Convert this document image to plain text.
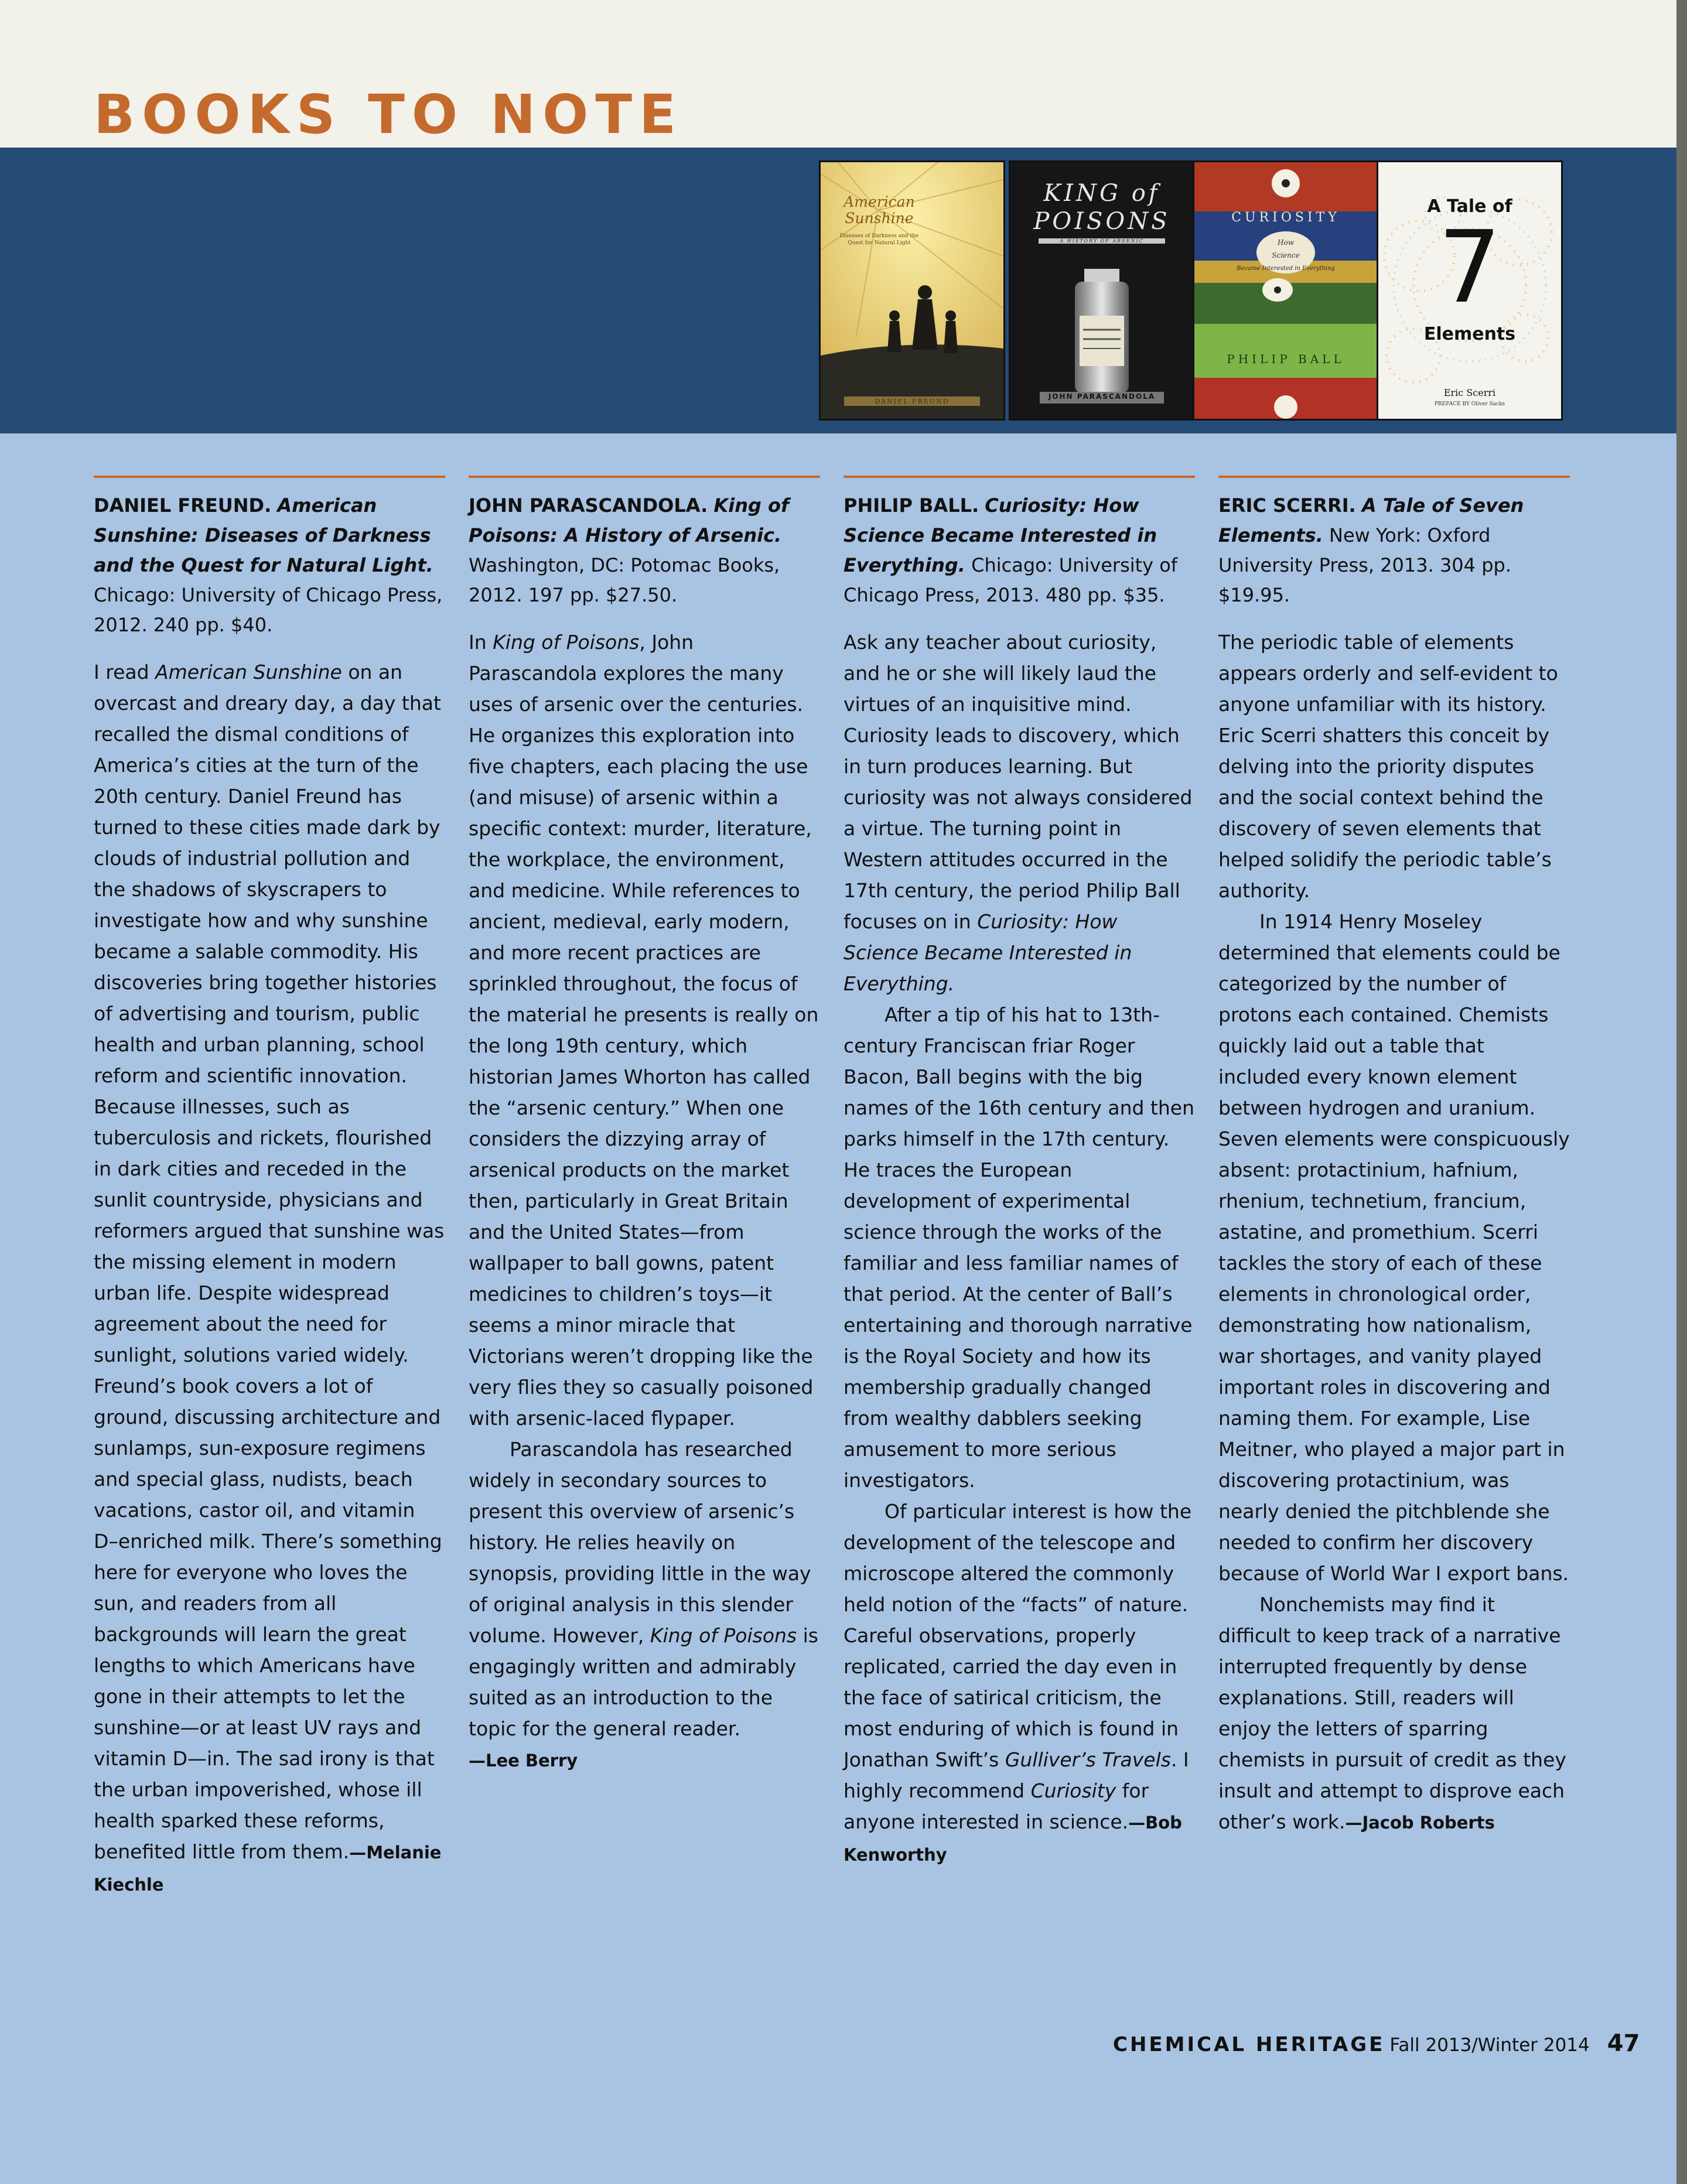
BOOKS TO NOTE
American Sunshine
Diseases of Darkness and the Quest for Natural Light
DANIEL FREUND
KING of
POISONS
A HISTORY OF ARSENIC
JOHN PARASCANDOLA
CURIOSITY
How
Science
Became Interested in Everything
PHILIP BALL
A Tale of
7
Elements
Eric Scerri
PREFACE BY Oliver Sacks

DANIEL FREUND. American Sunshine: Diseases of Darkness and the Quest for Natural Light. Chicago: University of Chicago Press, 2012. 240 pp. $40.

I read American Sunshine on an overcast and dreary day, a day that recalled the dismal conditions of America’s cities at the turn of the 20th century. Daniel Freund has turned to these cities made dark by clouds of industrial pollution and the shadows of skyscrapers to investigate how and why sunshine became a salable commodity. His discoveries bring together histories of advertising and tourism, public health and urban planning, school reform and scientific innovation. Because illnesses, such as tuberculosis and rickets, flourished in dark cities and receded in the sunlit countryside, physicians and reformers argued that sunshine was the missing element in modern urban life. Despite widespread agreement about the need for sunlight, solutions varied widely. Freund’s book covers a lot of ground, discussing architecture and sunlamps, sun-exposure regimens and special glass, nudists, beach vacations, castor oil, and vitamin D–enriched milk. There’s something here for everyone who loves the sun, and readers from all backgrounds will learn the great lengths to which Americans have gone in their attempts to let the sunshine—or at least UV rays and vitamin D—in. The sad irony is that the urban impoverished, whose ill health sparked these reforms, benefited little from them.—Melanie Kiechle

JOHN PARASCANDOLA. King of Poisons: A History of Arsenic. Washington, DC: Potomac Books, 2012. 197 pp. $27.50.

In King of Poisons, John Parascandola explores the many uses of arsenic over the centuries. He organizes this exploration into five chapters, each placing the use (and misuse) of arsenic within a specific context: murder, literature, the workplace, the environment, and medicine. While references to ancient, medieval, early modern, and more recent practices are sprinkled throughout, the focus of the material he presents is really on the long 19th century, which historian James Whorton has called the “arsenic century.” When one considers the dizzying array of arsenical products on the market then, particularly in Great Britain and the United States—from wallpaper to ball gowns, patent medicines to children’s toys—it seems a minor miracle that Victorians weren’t dropping like the very flies they so casually poisoned with arsenic-laced flypaper.

Parascandola has researched widely in secondary sources to present this overview of arsenic’s history. He relies heavily on synopsis, providing little in the way of original analysis in this slender volume. However, King of Poisons is engagingly written and admirably suited as an introduction to the topic for the general reader.

—Lee Berry

PHILIP BALL. Curiosity: How Science Became Interested in Everything. Chicago: University of Chicago Press, 2013. 480 pp. $35.

Ask any teacher about curiosity, and he or she will likely laud the virtues of an inquisitive mind. Curiosity leads to discovery, which in turn produces learning. But curiosity was not always considered a virtue. The turning point in Western attitudes occurred in the 17th century, the period Philip Ball focuses on in Curiosity: How Science Became Interested in Everything.

After a tip of his hat to 13th-century Franciscan friar Roger Bacon, Ball begins with the big names of the 16th century and then parks himself in the 17th century. He traces the European development of experimental science through the works of the familiar and less familiar names of that period. At the center of Ball’s entertaining and thorough narrative is the Royal Society and how its membership gradually changed from wealthy dabblers seeking amusement to more serious investigators.

Of particular interest is how the development of the telescope and microscope altered the commonly held notion of the “facts” of nature. Careful observations, properly replicated, carried the day even in the face of satirical criticism, the most enduring of which is found in Jonathan Swift’s Gulliver’s Travels. I highly recommend Curiosity for anyone interested in science.—Bob Kenworthy

ERIC SCERRI. A Tale of Seven Elements. New York: Oxford University Press, 2013. 304 pp. $19.95.

The periodic table of elements appears orderly and self-evident to anyone unfamiliar with its history. Eric Scerri shatters this conceit by delving into the priority disputes and the social context behind the discovery of seven elements that helped solidify the periodic table’s authority.

In 1914 Henry Moseley determined that elements could be categorized by the number of protons each contained. Chemists quickly laid out a table that included every known element between hydrogen and uranium. Seven elements were conspicuously absent: protactinium, hafnium, rhenium, technetium, francium, astatine, and promethium. Scerri tackles the story of each of these elements in chronological order, demonstrating how nationalism, war shortages, and vanity played important roles in discovering and naming them. For example, Lise Meitner, who played a major part in discovering protactinium, was nearly denied the pitchblende she needed to confirm her discovery because of World War I export bans.

Nonchemists may find it difficult to keep track of a narrative interrupted frequently by dense explanations. Still, readers will enjoy the letters of sparring chemists in pursuit of credit as they insult and attempt to disprove each other’s work.—Jacob Roberts

CHEMICAL HERITAGE Fall 2013/Winter 2014 47
